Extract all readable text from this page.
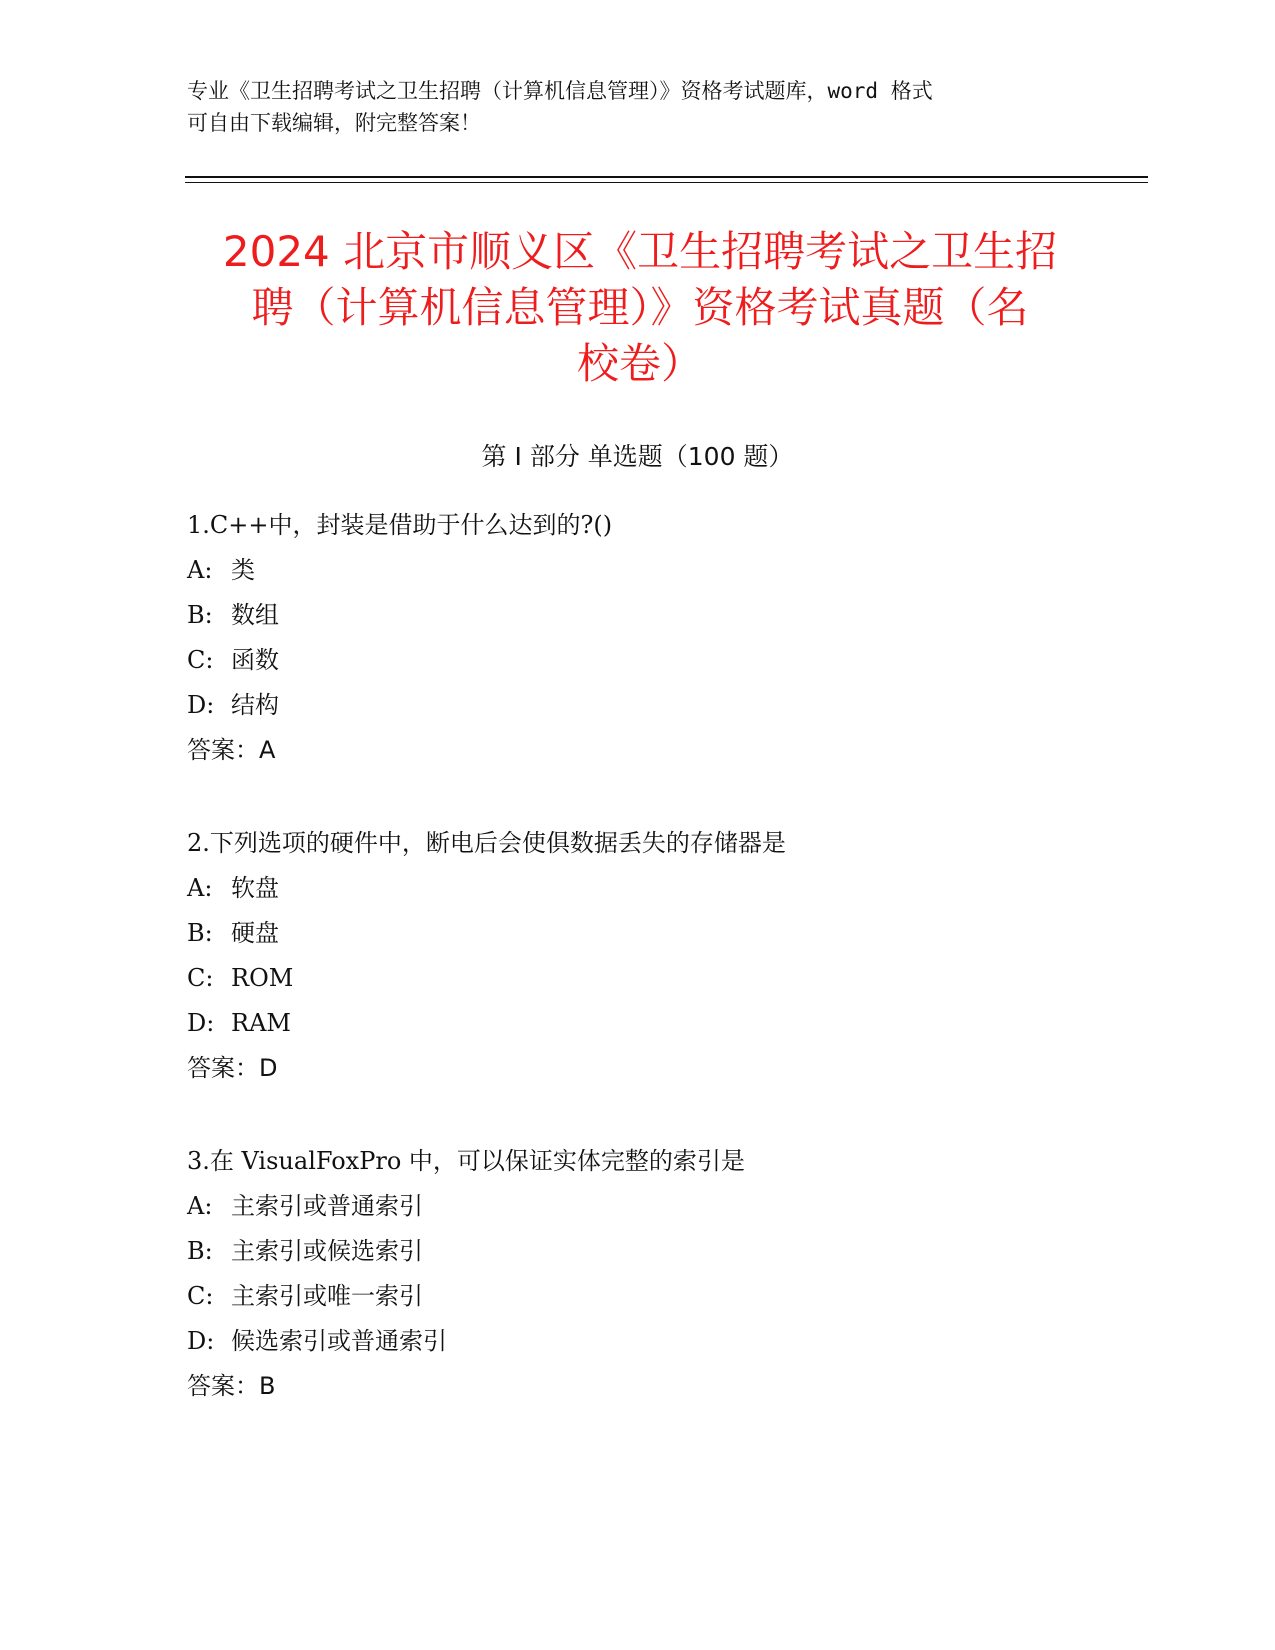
专业《卫生招聘考试之卫生招聘（计算机信息管理）》资格考试题库，word 格式
可自由下载编辑，附完整答案！
2024 北京市顺义区《卫生招聘考试之卫生招
聘（计算机信息管理）》资格考试真题（名
校卷）
第 I 部分 单选题（100 题）
1.C++中，封装是借助于什么达到的?()
A: 类
B: 数组
C: 函数
D: 结构
答案：A
2.下列选项的硬件中，断电后会使俱数据丢失的存储器是
A: 软盘
B: 硬盘
C: ROM
D: RAM
答案：D
3.在 VisualFoxPro 中，可以保证实体完整的索引是
A: 主索引或普通索引
B: 主索引或候选索引
C: 主索引或唯一索引
D: 候选索引或普通索引
答案：B
